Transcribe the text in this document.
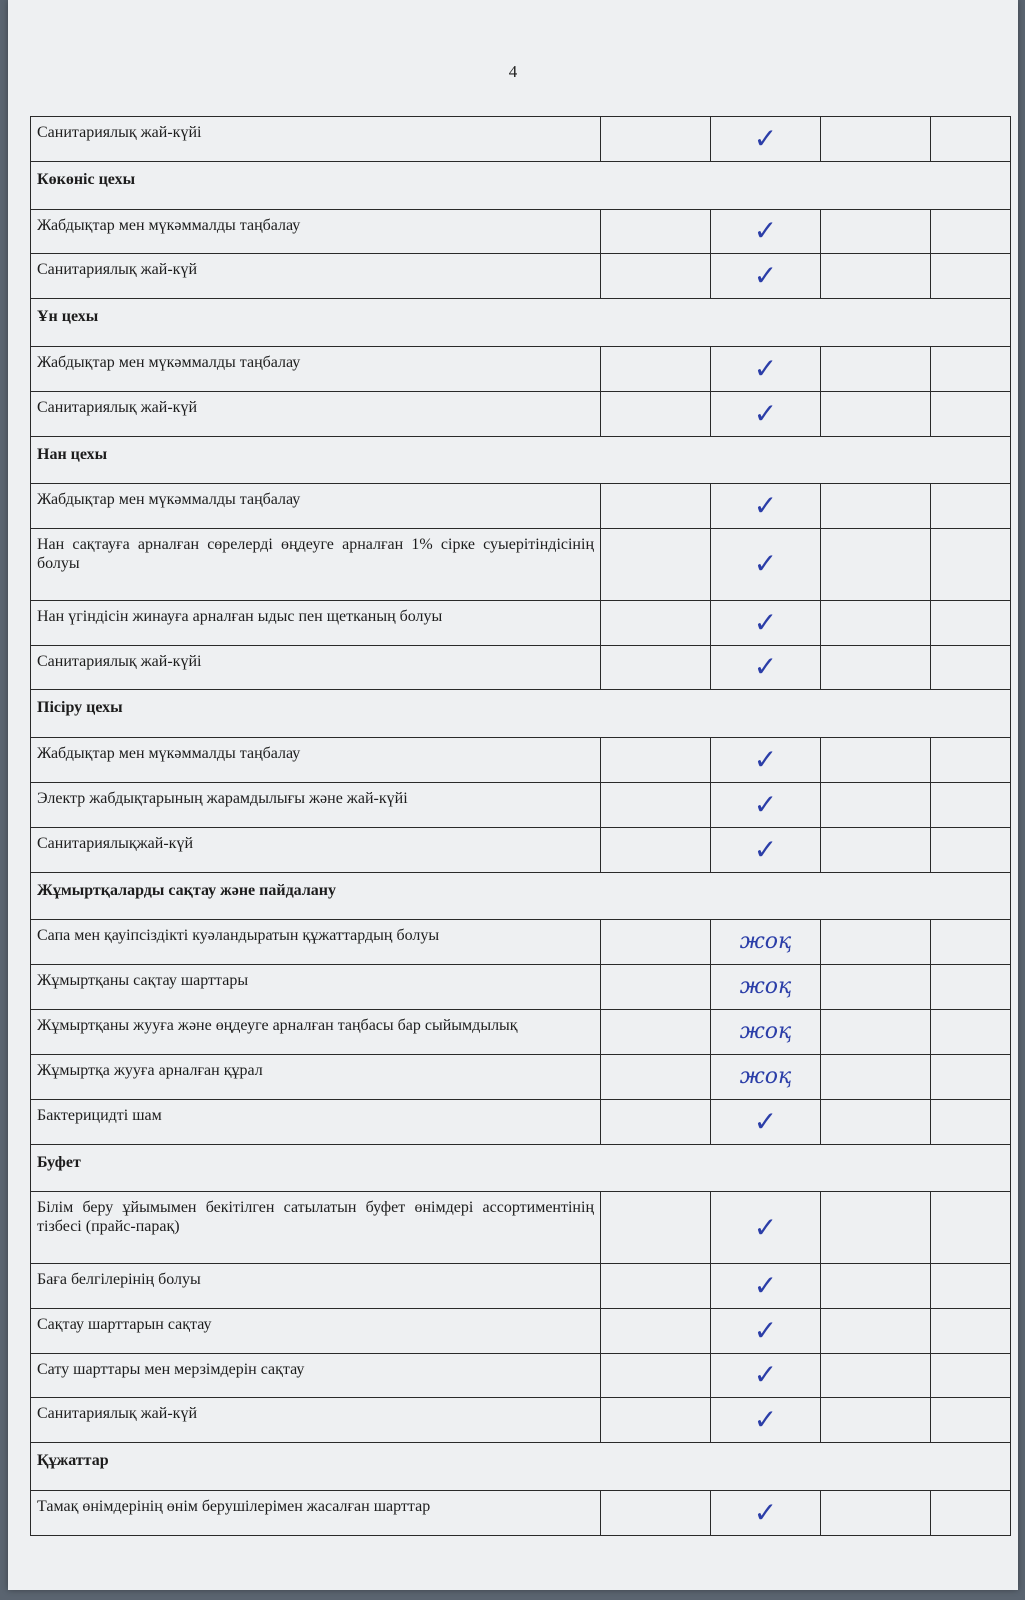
4
Санитариялық жай-күйі		✓		
Көкөніс цехы				
Жабдықтар мен мүкәммалды таңбалау		✓		
Санитариялық жай-күй		✓		
Ұн цехы				
Жабдықтар мен мүкәммалды таңбалау		✓		
Санитариялық жай-күй		✓		
Нан цехы				
Жабдықтар мен мүкәммалды таңбалау		✓		
Нан сақтауға арналған сөрелерді өңдеуге арналған 1% сірке суыерітіндісінің болуы		✓		
Нан үгіндісін жинауға арналған ыдыс пен щетканың болуы		✓		
Санитариялық жай-күйі		✓		
Пісіру цехы				
Жабдықтар мен мүкәммалды таңбалау		✓		
Электр жабдықтарының жарамдылығы және жай-күйі		✓		
Санитариялықжай-күй		✓		
Жұмыртқаларды сақтау және пайдалану				
Сапа мен қауіпсіздікті куәландыратын құжаттардың болуы		жоқ		
Жұмыртқаны сақтау шарттары		жоқ		
Жұмыртқаны жууға және өңдеуге арналған таңбасы бар сыйымдылық		жоқ		
Жұмыртқа жууға арналған құрал		жоқ		
Бактерицидті шам		✓		
Буфет				
Білім беру ұйымымен бекітілген сатылатын буфет өнімдері ассортиментінің тізбесі (прайс-парақ)		✓		
Баға белгілерінің болуы		✓		
Сақтау шарттарын сақтау		✓		
Сату шарттары мен мерзімдерін сақтау		✓		
Санитариялық жай-күй		✓		
Құжаттар				
Тамақ өнімдерінің өнім берушілерімен жасалған шарттар		✓		
